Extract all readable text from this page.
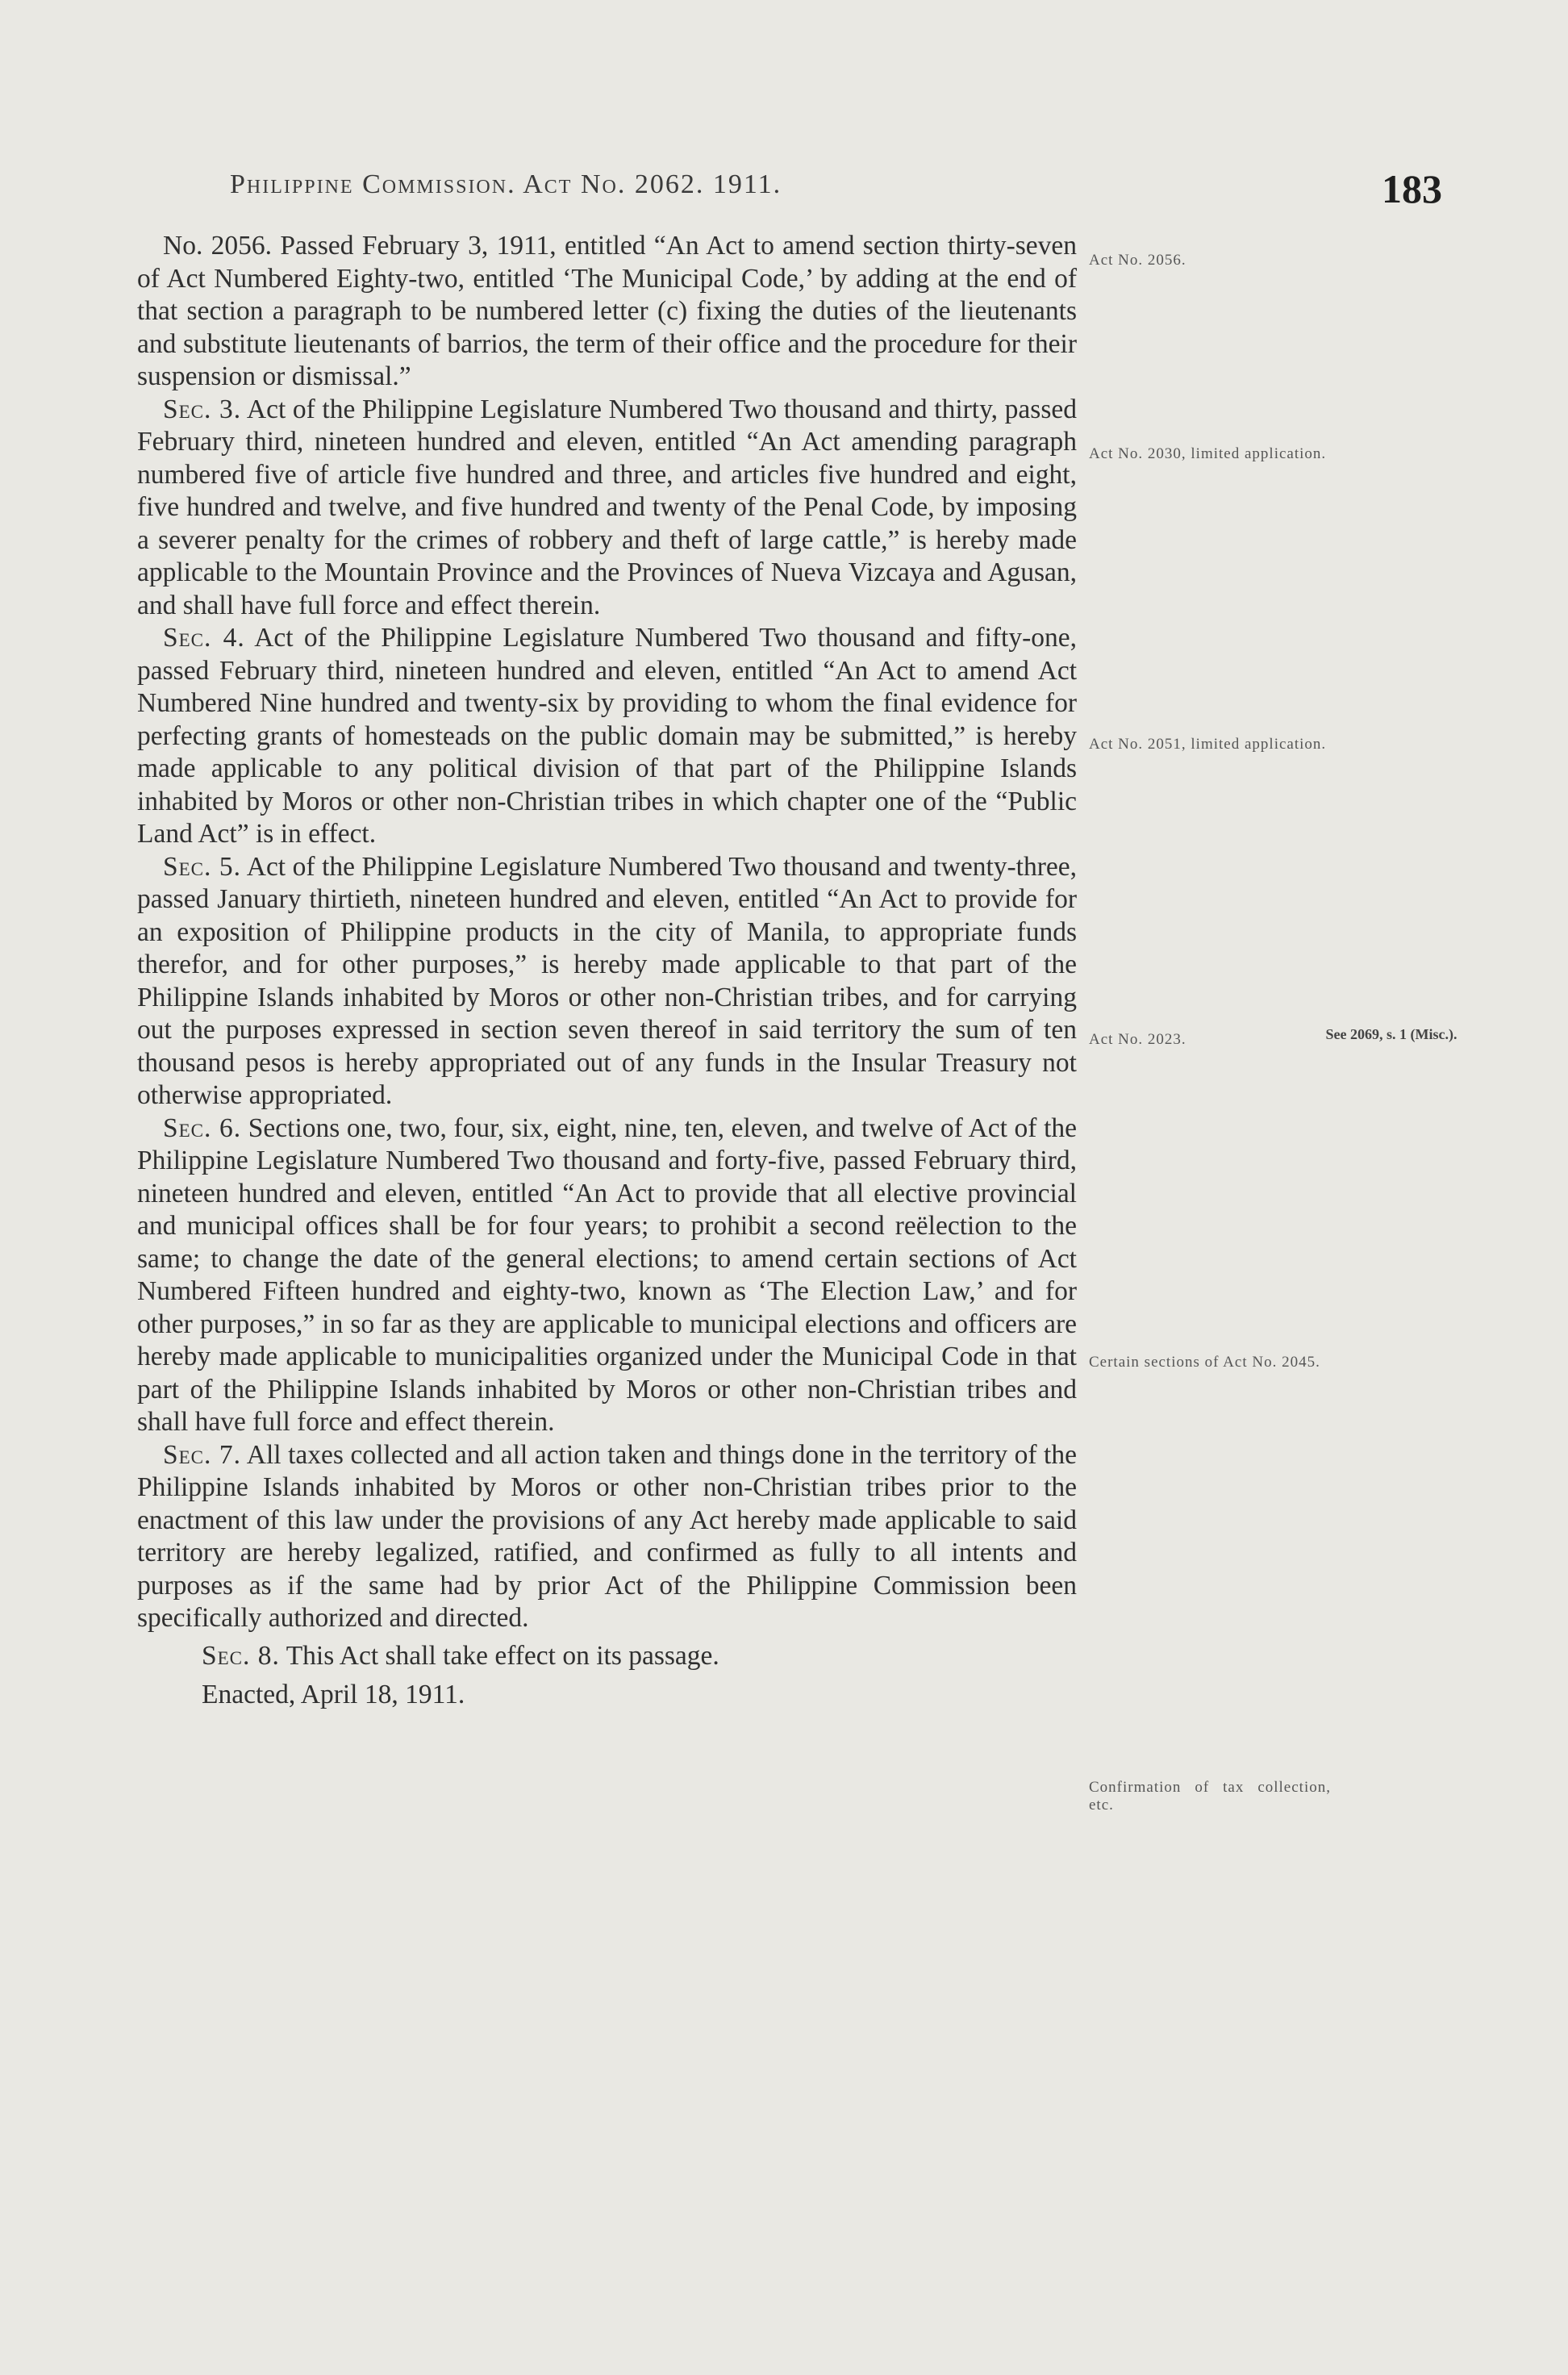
Philippine Commission. Act No. 2062. 1911.	183

No. 2056. Passed February 3, 1911, entitled “An Act to amend section thirty-seven of Act Numbered Eighty-two, entitled ‘The Municipal Code,’ by adding at the end of that section a paragraph to be numbered letter (c) fixing the duties of the lieutenants and substitute lieutenants of barrios, the term of their office and the procedure for their suspension or dismissal.”

Sec. 3. Act of the Philippine Legislature Numbered Two thousand and thirty, passed February third, nineteen hundred and eleven, entitled “An Act amending paragraph numbered five of article five hundred and three, and articles five hundred and eight, five hundred and twelve, and five hundred and twenty of the Penal Code, by imposing a severer penalty for the crimes of robbery and theft of large cattle,” is hereby made applicable to the Mountain Province and the Provinces of Nueva Vizcaya and Agusan, and shall have full force and effect therein.

Sec. 4. Act of the Philippine Legislature Numbered Two thousand and fifty-one, passed February third, nineteen hundred and eleven, entitled “An Act to amend Act Numbered Nine hundred and twenty-six by providing to whom the final evidence for perfecting grants of homesteads on the public domain may be submitted,” is hereby made applicable to any political division of that part of the Philippine Islands inhabited by Moros or other non-Christian tribes in which chapter one of the “Public Land Act” is in effect.

Sec. 5. Act of the Philippine Legislature Numbered Two thousand and twenty-three, passed January thirtieth, nineteen hundred and eleven, entitled “An Act to provide for an exposition of Philippine products in the city of Manila, to appropriate funds therefor, and for other purposes,” is hereby made applicable to that part of the Philippine Islands inhabited by Moros or other non-Christian tribes, and for carrying out the purposes expressed in section seven thereof in said territory the sum of ten thousand pesos is hereby appropriated out of any funds in the Insular Treasury not otherwise appropriated.

Sec. 6. Sections one, two, four, six, eight, nine, ten, eleven, and twelve of Act of the Philippine Legislature Numbered Two thousand and forty-five, passed February third, nineteen hundred and eleven, entitled “An Act to provide that all elective provincial and municipal offices shall be for four years; to prohibit a second reëlection to the same; to change the date of the general elections; to amend certain sections of Act Numbered Fifteen hundred and eighty-two, known as ‘The Election Law,’ and for other purposes,” in so far as they are applicable to municipal elections and officers are hereby made applicable to municipalities organized under the Municipal Code in that part of the Philippine Islands inhabited by Moros or other non-Christian tribes and shall have full force and effect therein.

Sec. 7. All taxes collected and all action taken and things done in the territory of the Philippine Islands inhabited by Moros or other non-Christian tribes prior to the enactment of this law under the provisions of any Act hereby made applicable to said territory are hereby legalized, ratified, and confirmed as fully to all intents and purposes as if the same had by prior Act of the Philippine Commission been specifically authorized and directed.

Sec. 8. This Act shall take effect on its passage.

Enacted, April 18, 1911.

Act No. 2056.
Act No. 2030, limited application.
Act No. 2051, limited application.
Act No. 2023.
Certain sections of Act No. 2045.
Confirmation of tax collection, etc.
See 2069, s. 1 (Misc.).
